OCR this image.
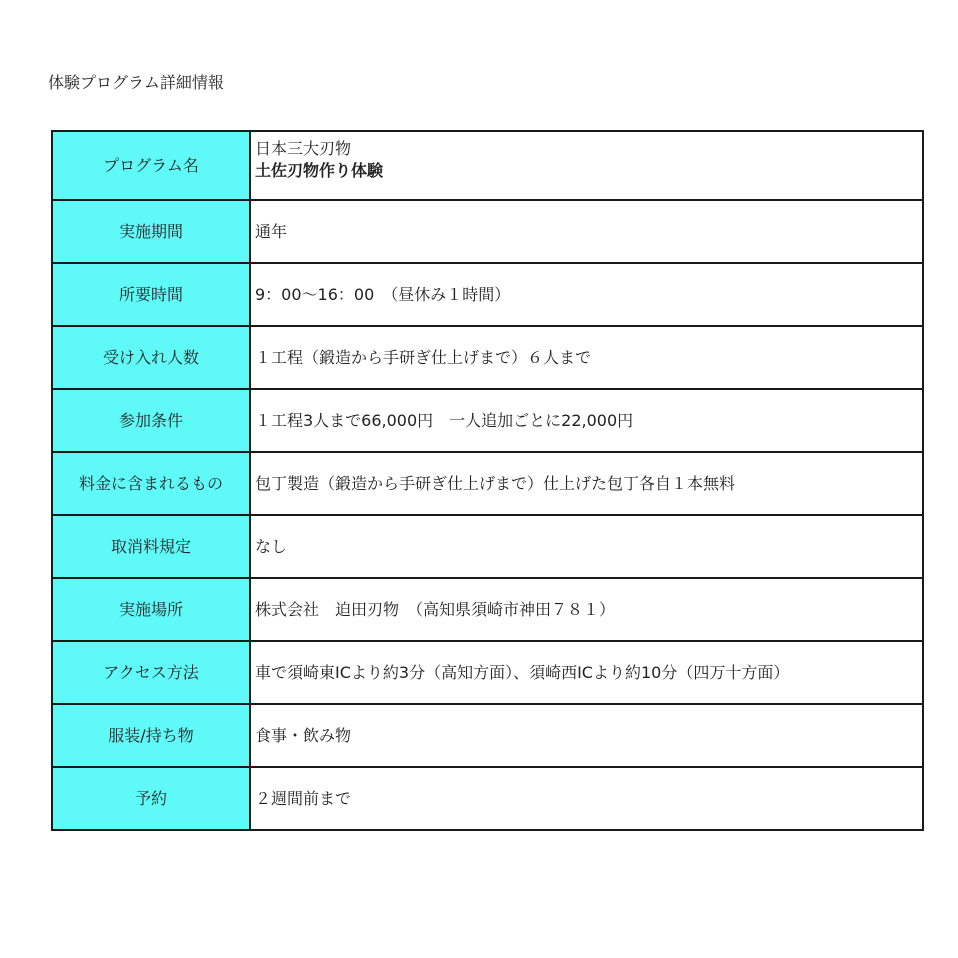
体験プログラム詳細情報
プログラム名	日本三大刃物
土佐刃物作り体験

実施期間	通年
所要時間	9：00〜16：00　（昼休み１時間）
受け入れ人数	１工程（鍛造から手研ぎ仕上げまで）６人まで
参加条件	１工程3人まで66,000円　一人追加ごとに22,000円
料金に含まれるもの	包丁製造（鍛造から手研ぎ仕上げまで）仕上げた包丁各自１本無料
取消料規定	なし
実施場所	株式会社　迫田刃物　（高知県須崎市神田７８１）
アクセス方法	車で須崎東ICより約3分（高知方面）、須崎西ICより約10分（四万十方面）
服装/持ち物	食事・飲み物
予約	２週間前まで
